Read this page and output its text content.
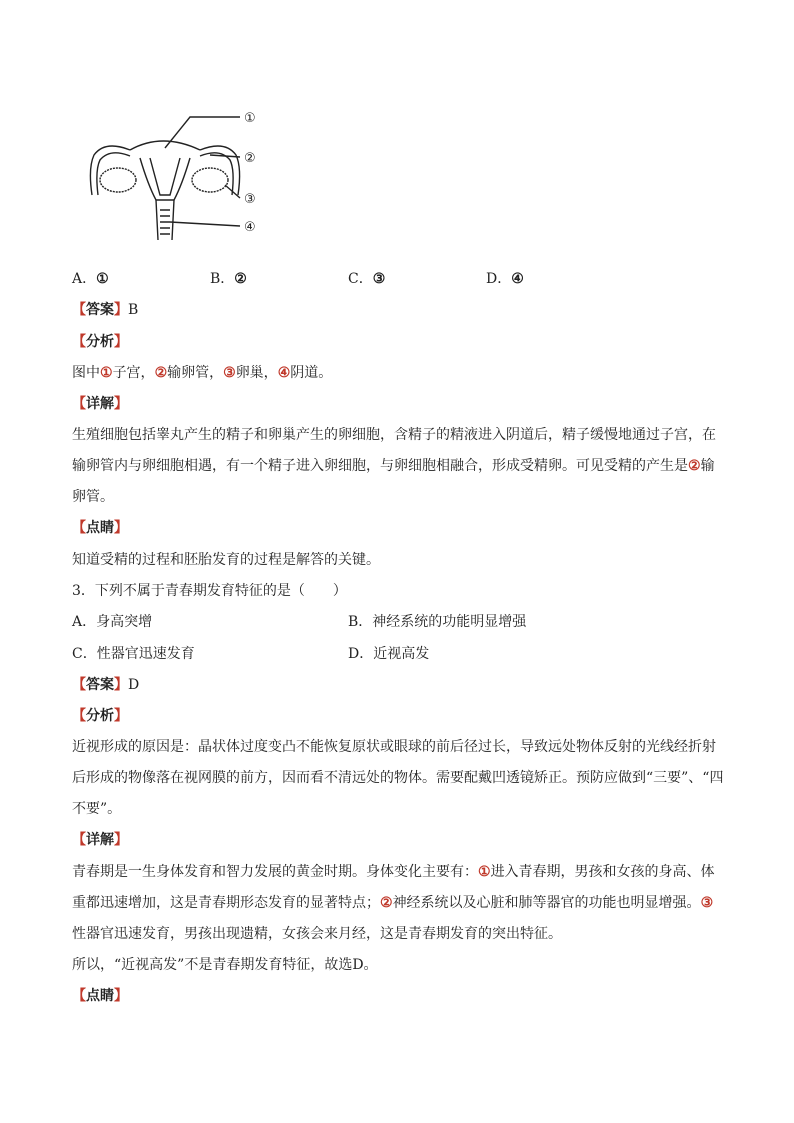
①
②
③
④
A．①	B．②	C．③	D．④
【答案】B
【分析】
图中①子宫，②输卵管，③卵巢，④阴道。
【详解】
生殖细胞包括睾丸产生的精子和卵巢产生的卵细胞，含精子的精液进入阴道后，精子缓慢地通过子宫，在
输卵管内与卵细胞相遇，有一个精子进入卵细胞，与卵细胞相融合，形成受精卵。可见受精的产生是②输
卵管。
【点睛】
知道受精的过程和胚胎发育的过程是解答的关键。
3．下列不属于青春期发育特征的是（　　）
A．身高突增	B．神经系统的功能明显增强
C．性器官迅速发育	D．近视高发
【答案】D
【分析】
近视形成的原因是：晶状体过度变凸不能恢复原状或眼球的前后径过长，导致远处物体反射的光线经折射
后形成的物像落在视网膜的前方，因而看不清远处的物体。需要配戴凹透镜矫正。预防应做到“三要”、“四
不要”。
【详解】
青春期是一生身体发育和智力发展的黄金时期。身体变化主要有：①进入青春期，男孩和女孩的身高、体
重都迅速增加，这是青春期形态发育的显著特点；②神经系统以及心脏和肺等器官的功能也明显增强。③
性器官迅速发育，男孩出现遗精，女孩会来月经，这是青春期发育的突出特征。
所以，“近视高发”不是青春期发育特征，故选D。
【点睛】
